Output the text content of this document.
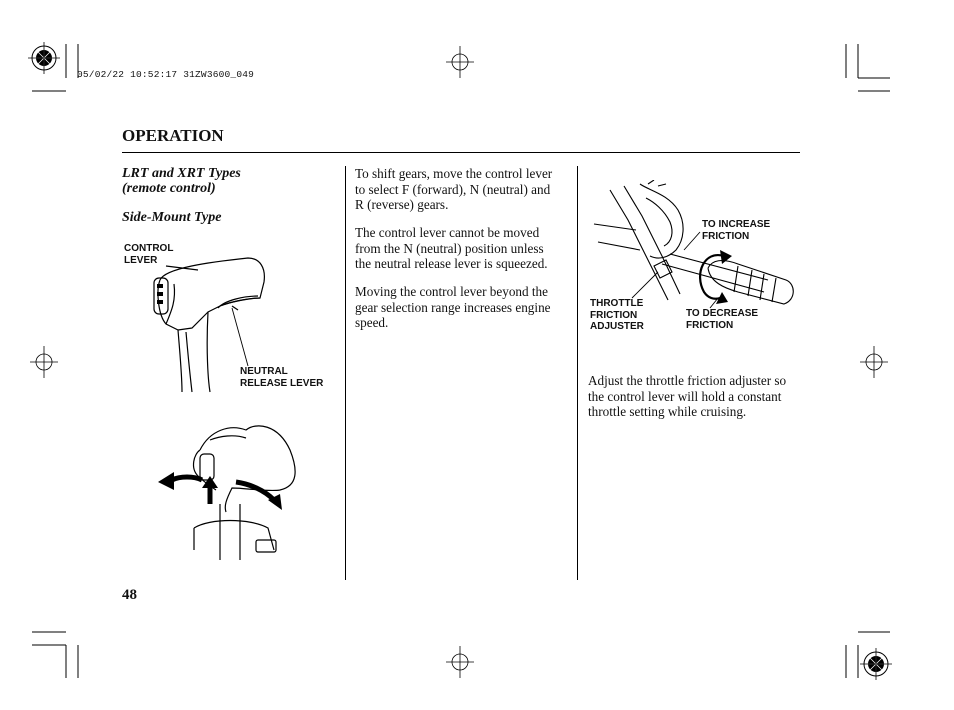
05/02/22 10:52:17 31ZW3600_049
OPERATION
LRT and XRT Types
(remote control)
Side-Mount Type
CONTROL
LEVER
NEUTRAL
RELEASE LEVER
To shift gears, move the control lever
to select F (forward), N (neutral) and
R (reverse) gears.
The control lever cannot be moved
from the N (neutral) position unless
the neutral release lever is squeezed.
Moving the control lever beyond the
gear selection range increases engine
speed.
TO INCREASE
FRICTION
THROTTLE
FRICTION
ADJUSTER
TO DECREASE
FRICTION
Adjust the throttle friction adjuster so
the control lever will hold a constant
throttle setting while cruising.
48
